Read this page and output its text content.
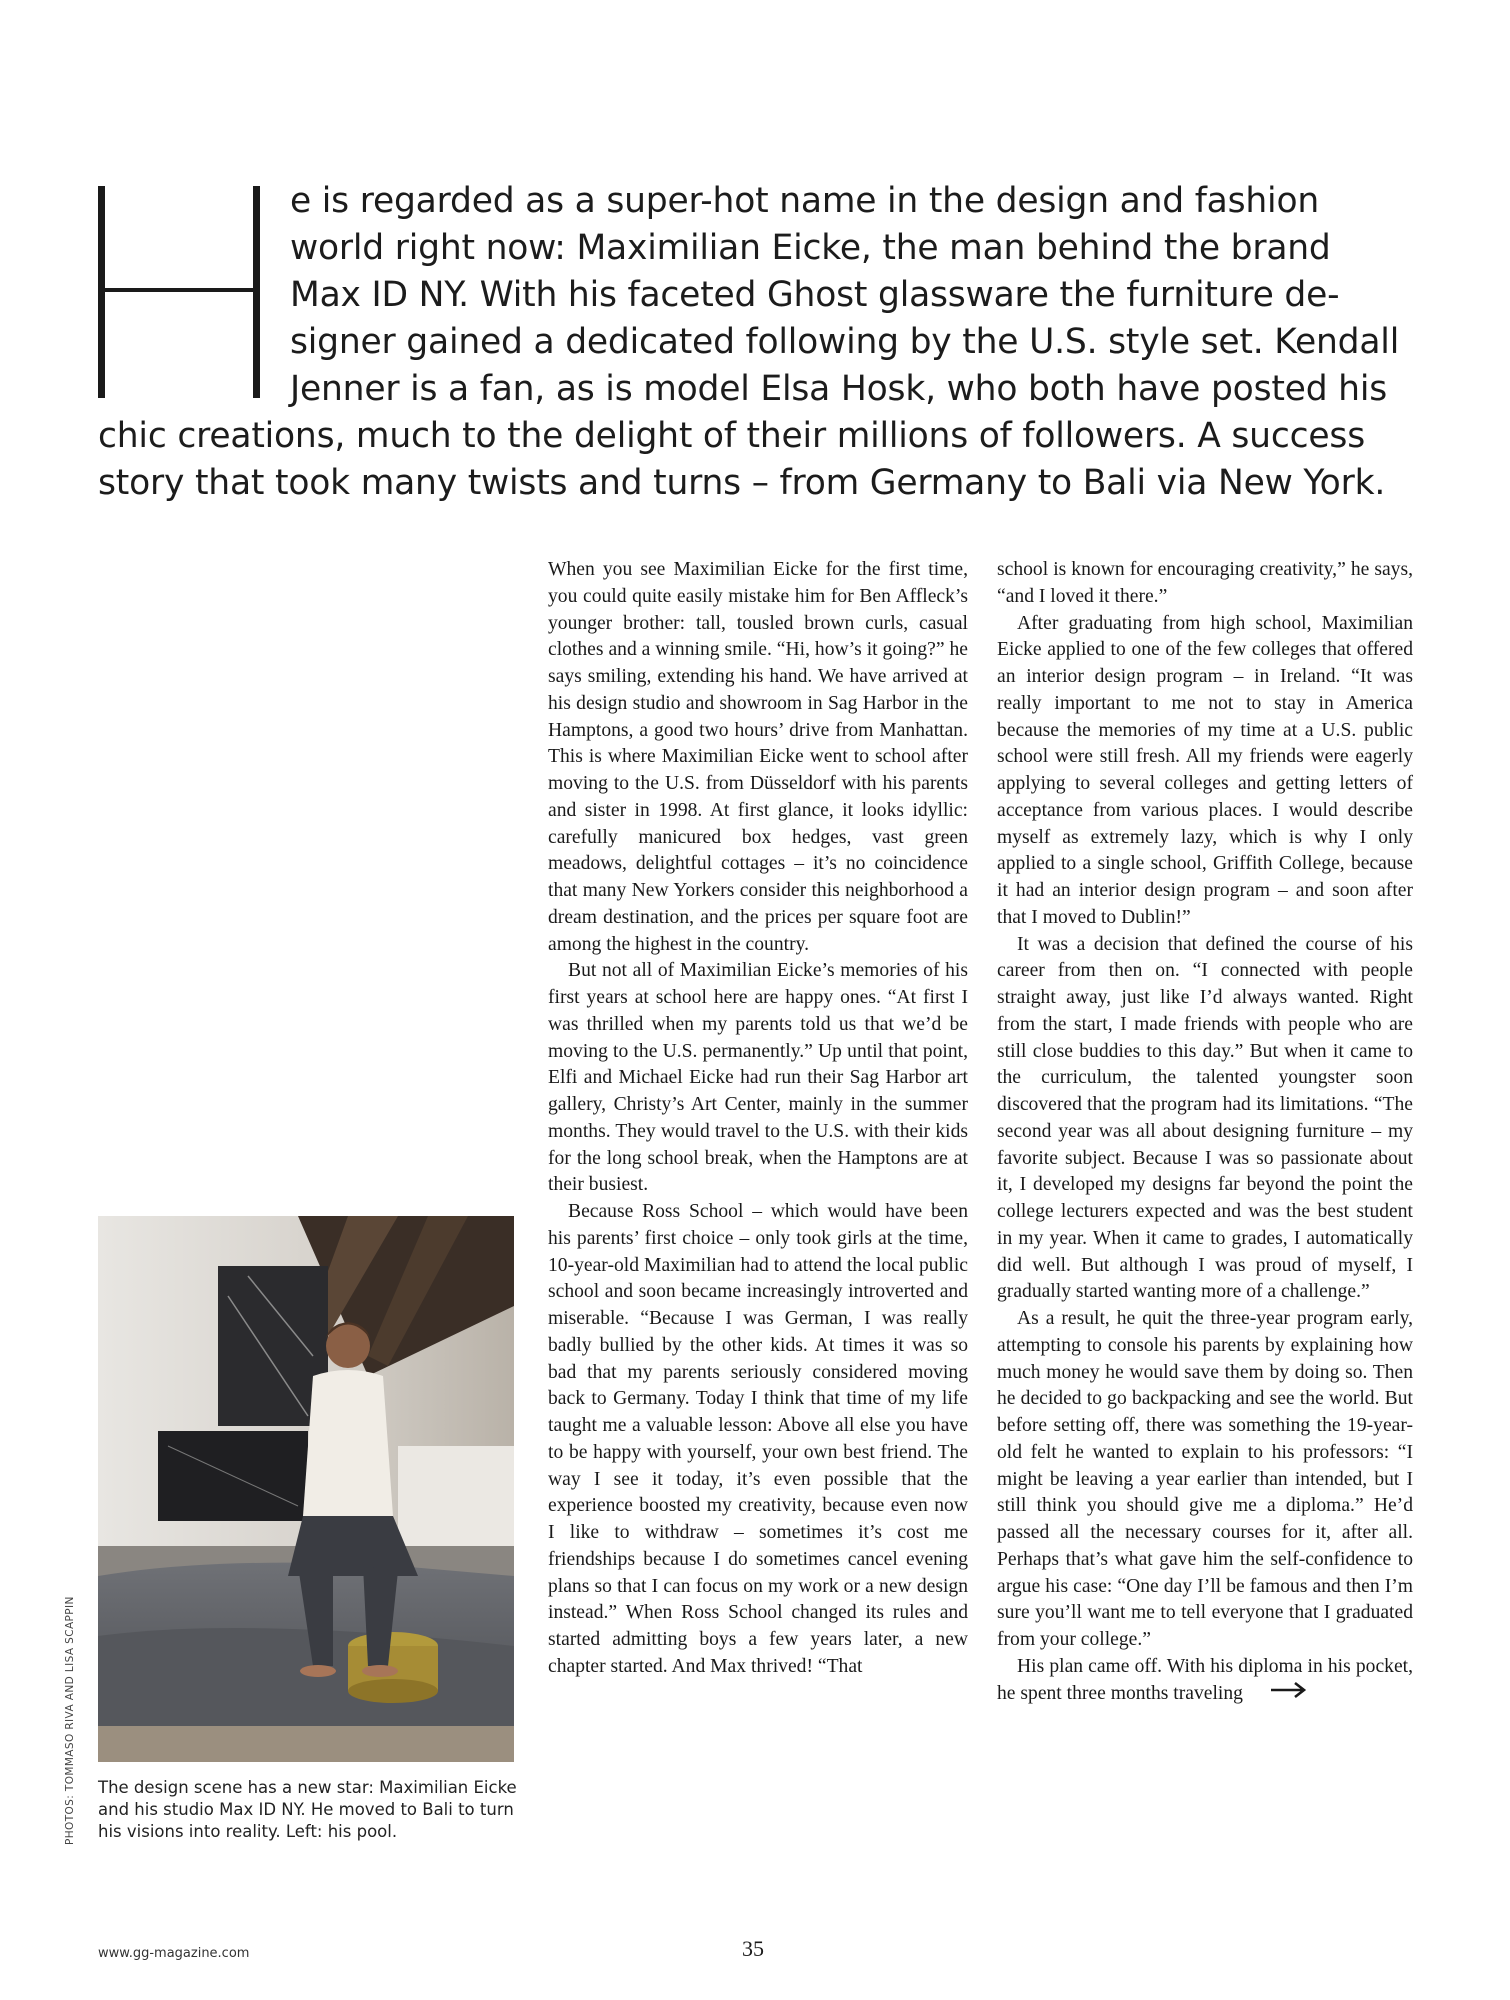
e is regarded as a super-hot name in the design and fashion
world right now: Maximilian Eicke, the man behind the brand
Max ID NY. With his faceted Ghost glassware the furniture de-
signer gained a dedicated following by the U.S. style set. Kendall
Jenner is a fan, as is model Elsa Hosk, who both have posted his
chic creations, much to the delight of their millions of followers. A success
story that took many twists and turns – from Germany to Bali via New York.

When you see Maximilian Eicke for the first time, you could quite easily mistake him for Ben Affleck’s younger brother: tall, tousled brown curls, casual clothes and a winning smile. “Hi, how’s it going?” he says smiling, extending his hand. We have arrived at his design studio and showroom in Sag Harbor in the Hamptons, a good two hours’ drive from Manhattan. This is where Maximilian Eicke went to school after moving to the U.S. from Düsseldorf with his parents and sister in 1998. At first glance, it looks idyllic: carefully manicured box hedges, vast green meadows, delightful cottages – it’s no coincidence that many New Yorkers consider this neighborhood a dream destination, and the prices per square foot are among the highest in the country.

But not all of Maximilian Eicke’s memories of his first years at school here are happy ones. “At first I was thrilled when my parents told us that we’d be moving to the U.S. permanently.” Up until that point, Elfi and Michael Eicke had run their Sag Harbor art gallery, Christy’s Art Center, mainly in the summer months. They would travel to the U.S. with their kids for the long school break, when the Hamptons are at their busiest.

Because Ross School – which would have been his parents’ first choice – only took girls at the time, 10-year-old Maximilian had to attend the local public school and soon became increasingly introverted and miserable. “Because I was German, I was really badly bullied by the other kids. At times it was so bad that my parents seriously considered moving back to Germany. Today I think that time of my life taught me a valuable lesson: Above all else you have to be happy with yourself, your own best friend. The way I see it today, it’s even possible that the experience boosted my creativity, because even now I like to withdraw – sometimes it’s cost me friendships because I do sometimes cancel evening plans so that I can focus on my work or a new design instead.” When Ross School changed its rules and started admitting boys a few years later, a new chapter started. And Max thrived! “That

school is known for encouraging creativity,” he says, “and I loved it there.”

After graduating from high school, Maximilian Eicke applied to one of the few colleges that offered an interior design program – in Ireland. “It was really important to me not to stay in America because the memories of my time at a U.S. public school were still fresh. All my friends were eagerly applying to several colleges and getting letters of acceptance from various places. I would describe myself as extremely lazy, which is why I only applied to a single school, Griffith College, because it had an interior design program – and soon after that I moved to Dublin!”

It was a decision that defined the course of his career from then on. “I connected with people straight away, just like I’d always wanted. Right from the start, I made friends with people who are still close buddies to this day.” But when it came to the curriculum, the talented youngster soon discovered that the program had its limitations. “The second year was all about designing furniture – my favorite subject. Because I was so passionate about it, I developed my designs far beyond the point the college lecturers expected and was the best student in my year. When it came to grades, I automatically did well. But although I was proud of myself, I gradually started wanting more of a challenge.”

As a result, he quit the three-year program early, attempting to console his parents by explaining how much money he would save them by doing so. Then he decided to go backpacking and see the world. But before setting off, there was something the 19-year-old felt he wanted to explain to his professors: “I might be leaving a year earlier than intended, but I still think you should give me a diploma.” He’d passed all the necessary courses for it, after all. Perhaps that’s what gave him the self-confidence to argue his case: “One day I’ll be famous and then I’m sure you’ll want me to tell everyone that I graduated from your college.”

His plan came off. With his diploma in his pocket, he spent three months traveling

The design scene has a new star: Maximilian Eicke and his studio Max ID NY. He moved to Bali to turn his visions into reality. Left: his pool.
PHOTOS: TOMMASO RIVA AND LISA SCAPPIN
www.gg-magazine.com	35
